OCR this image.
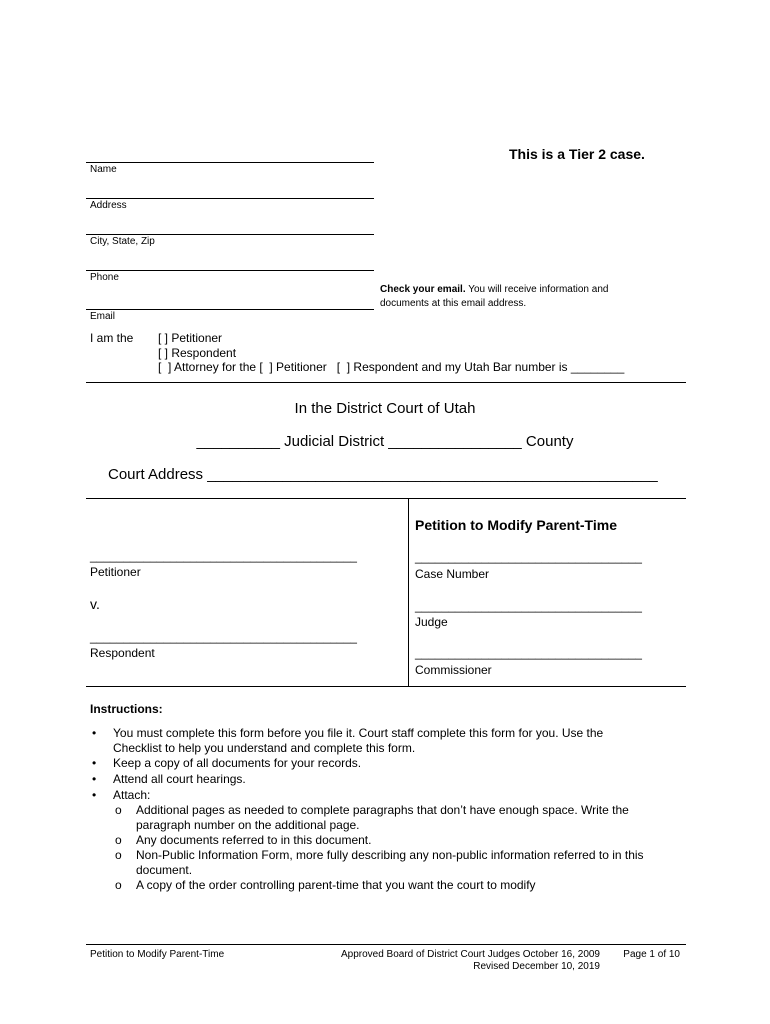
This is a Tier 2 case.
Name
Address
City, State, Zip
Phone
Email
Check your email. You will receive information and
documents at this email address.
I am the [ ] Petitioner
[ ] Respondent
[  ] Attorney for the [  ] Petitioner   [  ] Respondent and my Utah Bar number is ________
In the District Court of Utah
__________ Judicial District ________________ County
Court Address ______________________________________________________
Petition to Modify Parent-Time
________________________________________
Petitioner
v.
________________________________________
Respondent
__________________________________
Case Number
__________________________________
Judge
__________________________________
Commissioner
Instructions:
• You must complete this form before you file it. Court staff complete this form for you. Use the
Checklist to help you understand and complete this form.
• Keep a copy of all documents for your records.
• Attend all court hearings.
• Attach:
o Additional pages as needed to complete paragraphs that don’t have enough space. Write the
paragraph number on the additional page.
o Any documents referred to in this document.
o Non-Public Information Form, more fully describing any non-public information referred to in this
document.
o A copy of the order controlling parent-time that you want the court to modify
Petition to Modify Parent-Time	Approved Board of District Court Judges October 16, 2009
Revised December 10, 2019
Page 1 of 10
